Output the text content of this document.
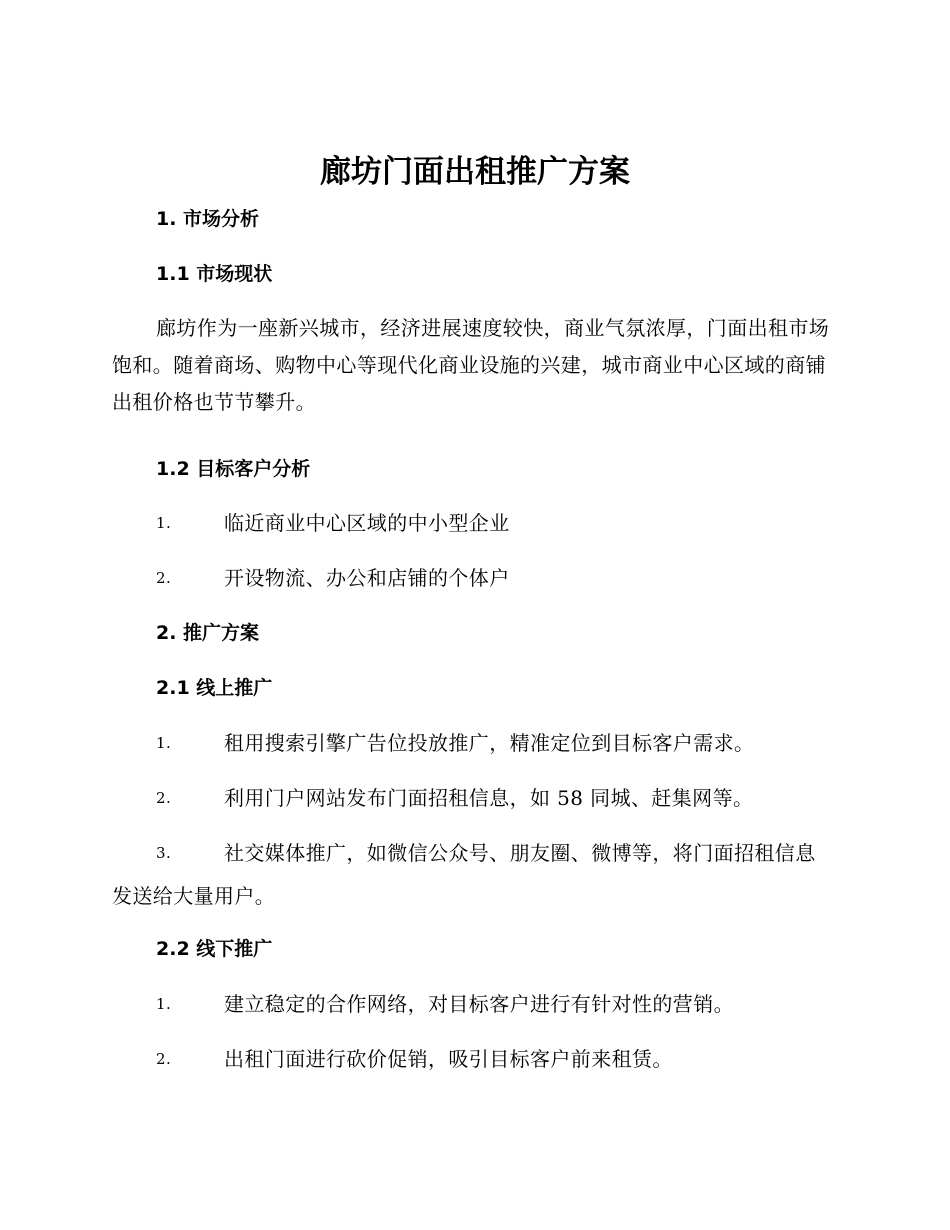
廊坊门面出租推广方案
1. 市场分析
1.1 市场现状
廊坊作为一座新兴城市，经济进展速度较快，商业气氛浓厚，门面出租市场饱和。随着商场、购物中心等现代化商业设施的兴建，城市商业中心区域的商铺出租价格也节节攀升。
1.2 目标客户分析
1.	临近商业中心区域的中小型企业
2.	开设物流、办公和店铺的个体户
2. 推广方案
2.1 线上推广
1.	租用搜索引擎广告位投放推广，精准定位到目标客户需求。
2.	利用门户网站发布门面招租信息，如 58 同城、赶集网等。
3.	社交媒体推广，如微信公众号、朋友圈、微博等，将门面招租信息发送给大量用户。
2.2 线下推广
1.	建立稳定的合作网络，对目标客户进行有针对性的营销。
2.	出租门面进行砍价促销，吸引目标客户前来租赁。
